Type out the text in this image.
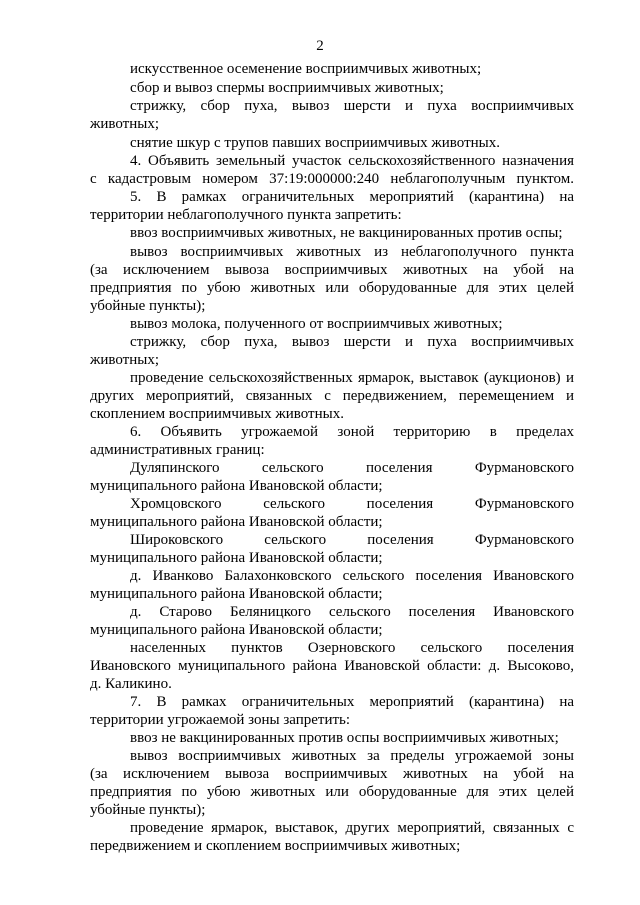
2
искусственное осеменение восприимчивых животных;
сбор и вывоз спермы восприимчивых животных;
стрижку, сбор пуха, вывоз шерсти и пуха восприимчивых
животных;
снятие шкур с трупов павших восприимчивых животных.
4. Объявить земельный участок сельскохозяйственного назначения
с кадастровым номером 37:19:000000:240 неблагополучным пунктом.
5. В рамках ограничительных мероприятий (карантина) на
территории неблагополучного пункта запретить:
ввоз восприимчивых животных, не вакцинированных против оспы;
вывоз восприимчивых животных из неблагополучного пункта
(за исключением вывоза восприимчивых животных на убой на
предприятия по убою животных или оборудованные для этих целей
убойные пункты);
вывоз молока, полученного от восприимчивых животных;
стрижку, сбор пуха, вывоз шерсти и пуха восприимчивых
животных;
проведение сельскохозяйственных ярмарок, выставок (аукционов) и
других мероприятий, связанных с передвижением, перемещением и
скоплением восприимчивых животных.
6. Объявить угрожаемой зоной территорию в пределах
административных границ:
Дуляпинского сельского поселения Фурмановского
муниципального района Ивановской области;
Хромцовского сельского поселения Фурмановского
муниципального района Ивановской области;
Широковского сельского поселения Фурмановского
муниципального района Ивановской области;
д. Иванково Балахонковского сельского поселения Ивановского
муниципального района Ивановской области;
д. Старово Беляницкого сельского поселения Ивановского
муниципального района Ивановской области;
населенных пунктов Озерновского сельского поселения
Ивановского муниципального района Ивановской области: д. Высоково,
д. Каликино.
7. В рамках ограничительных мероприятий (карантина) на
территории угрожаемой зоны запретить:
ввоз не вакцинированных против оспы восприимчивых животных;
вывоз восприимчивых животных за пределы угрожаемой зоны
(за исключением вывоза восприимчивых животных на убой на
предприятия по убою животных или оборудованные для этих целей
убойные пункты);
проведение ярмарок, выставок, других мероприятий, связанных с
передвижением и скоплением восприимчивых животных;
